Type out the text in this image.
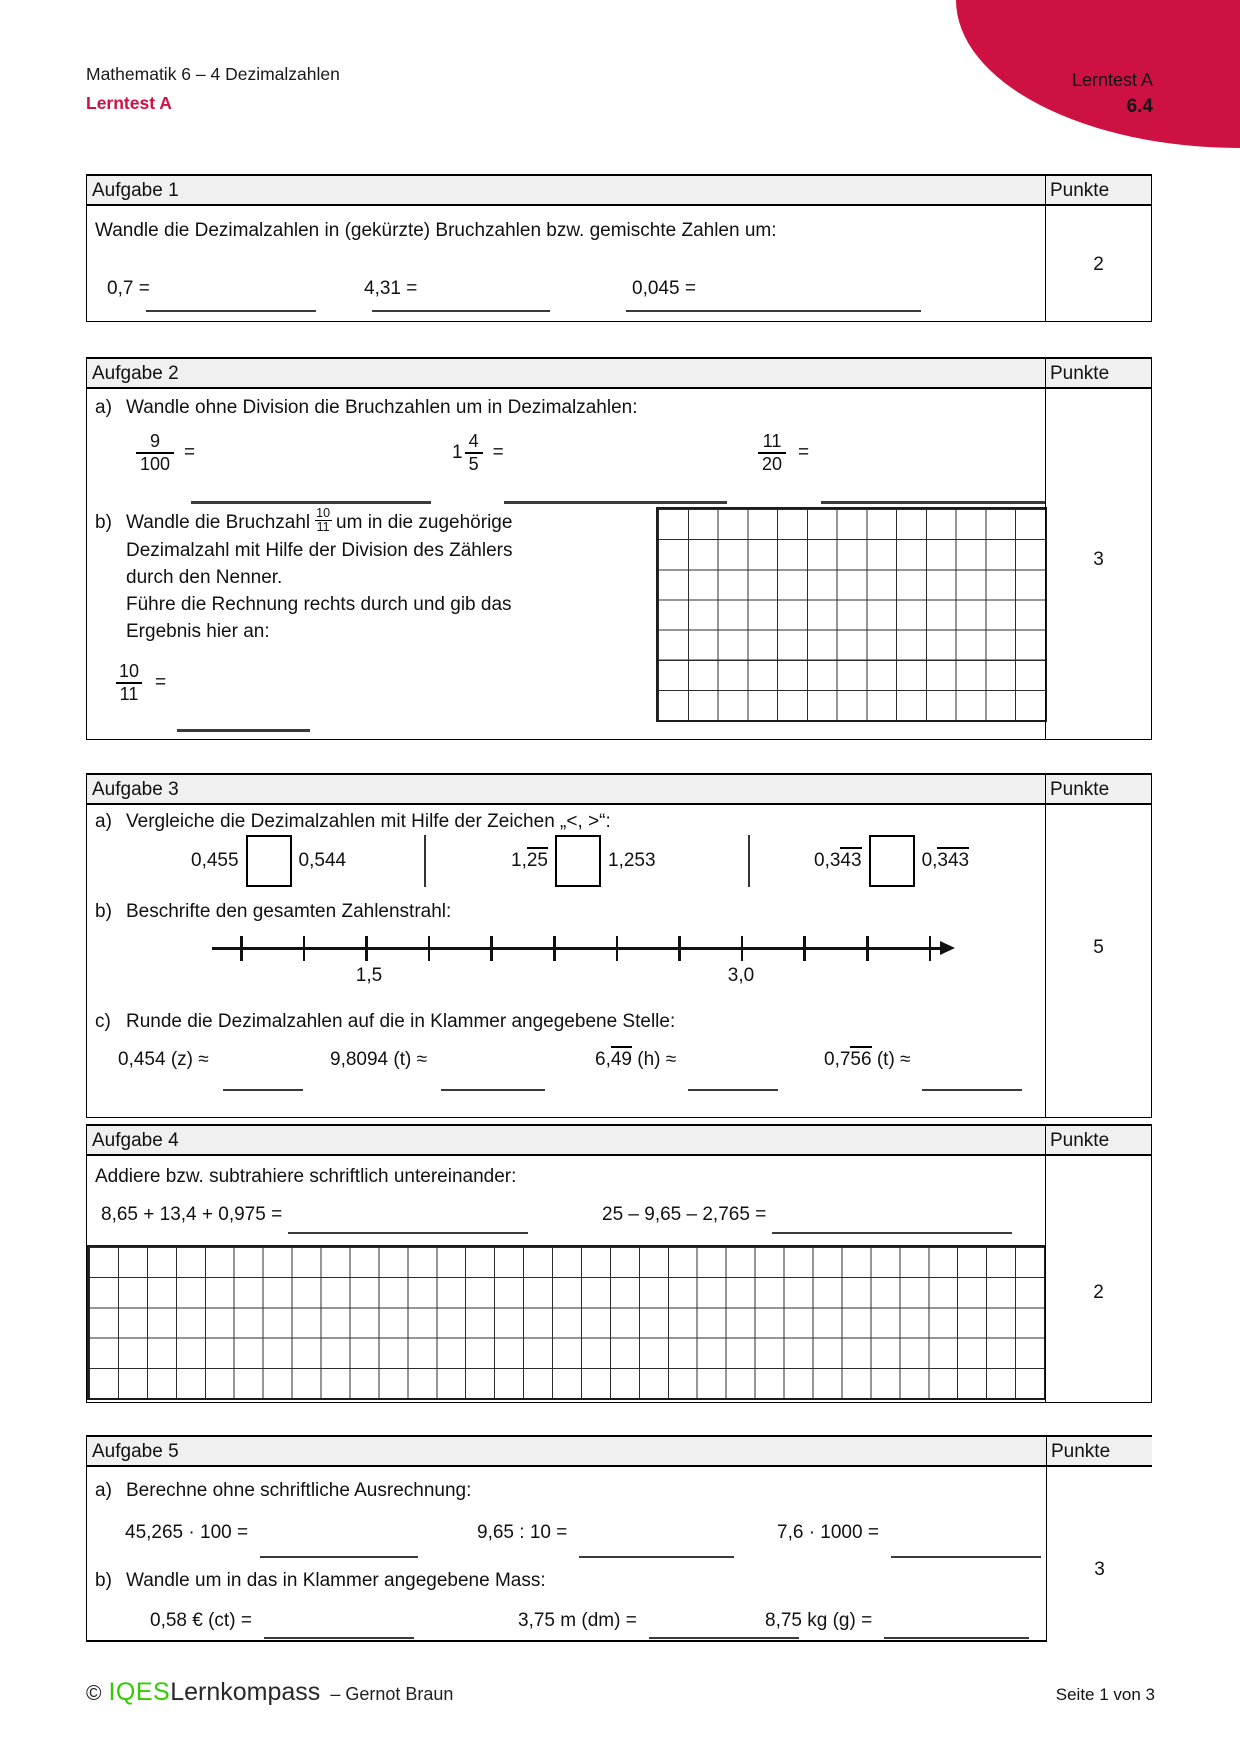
Lerntest A
6.4
Mathematik 6 – 4 Dezimalzahlen
Lerntest A
Aufgabe 1	Punkte
Wandle die Dezimalzahlen in (gekürzte) Bruchzahlen bzw. gemischte Zahlen um:
0,7 =	4,31 =	0,045 =
2
Aufgabe 2	Punkte
a) Wandle ohne Division die Bruchzahlen um in Dezimalzahlen:
$\frac{9}{100}$ =	$1 \frac{4}{5}$ =	$\frac{11}{20}$ =
b) Wandle die Bruchzahl $\frac{10}{11}$ um in die zugehörige
Dezimalzahl mit Hilfe der Division des Zählers
durch den Nenner.
Führe die Rechnung rechts durch und gib das
Ergebnis hier an:
$\frac{10}{11}$ =
3
Aufgabe 3	Punkte
a) Vergleiche die Dezimalzahlen mit Hilfe der Zeichen „<, >“:
0,455	0,544	1,25	1,253	0,343	0,343
b) Beschrifte den gesamten Zahlenstrahl:
1,5	3,0
c) Runde die Dezimalzahlen auf die in Klammer angegebene Stelle:
0,454 (z) ≈	9,8094 (t) ≈	6,49 (h) ≈	0,756 (t) ≈
5
Aufgabe 4	Punkte
Addiere bzw. subtrahiere schriftlich untereinander:
8,65 + 13,4 + 0,975 =	25 – 9,65 – 2,765 =
2
Aufgabe 5	Punkte
a) Berechne ohne schriftliche Ausrechnung:
45,265 · 100 =	9,65 : 10 =	7,6 · 1000 =
b) Wandle um in das in Klammer angegebene Mass:
0,58 € (ct) =	3,75 m (dm) =	8,75 kg (g) =
3
© IQES Lernkompass – Gernot Braun	Seite 1 von 3
